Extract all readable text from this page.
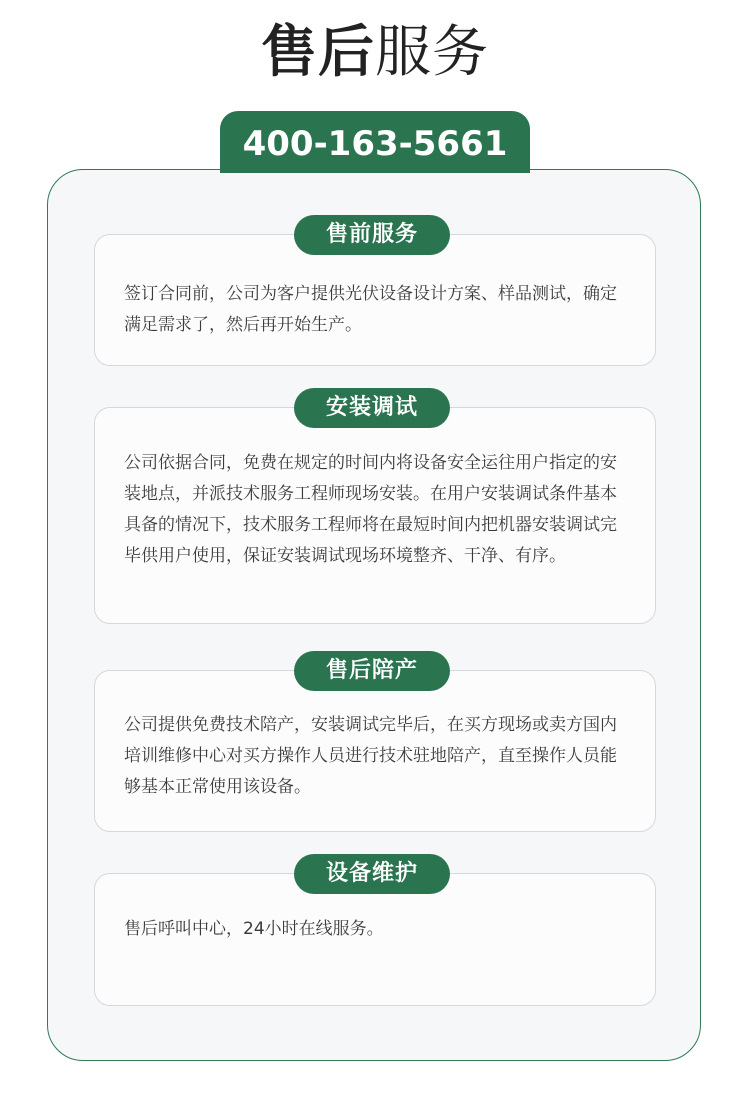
售后服务
400-163-5661
售前服务
签订合同前，公司为客户提供光伏设备设计方案、样品测试，确定满足需求了，然后再开始生产。
安装调试
公司依据合同，免费在规定的时间内将设备安全运往用户指定的安装地点，并派技术服务工程师现场安装。在用户安装调试条件基本具备的情况下，技术服务工程师将在最短时间内把机器安装调试完毕供用户使用，保证安装调试现场环境整齐、干净、有序。
售后陪产
公司提供免费技术陪产，安装调试完毕后，在买方现场或卖方国内培训维修中心对买方操作人员进行技术驻地陪产，直至操作人员能够基本正常使用该设备。
设备维护
售后呼叫中心，24小时在线服务。
